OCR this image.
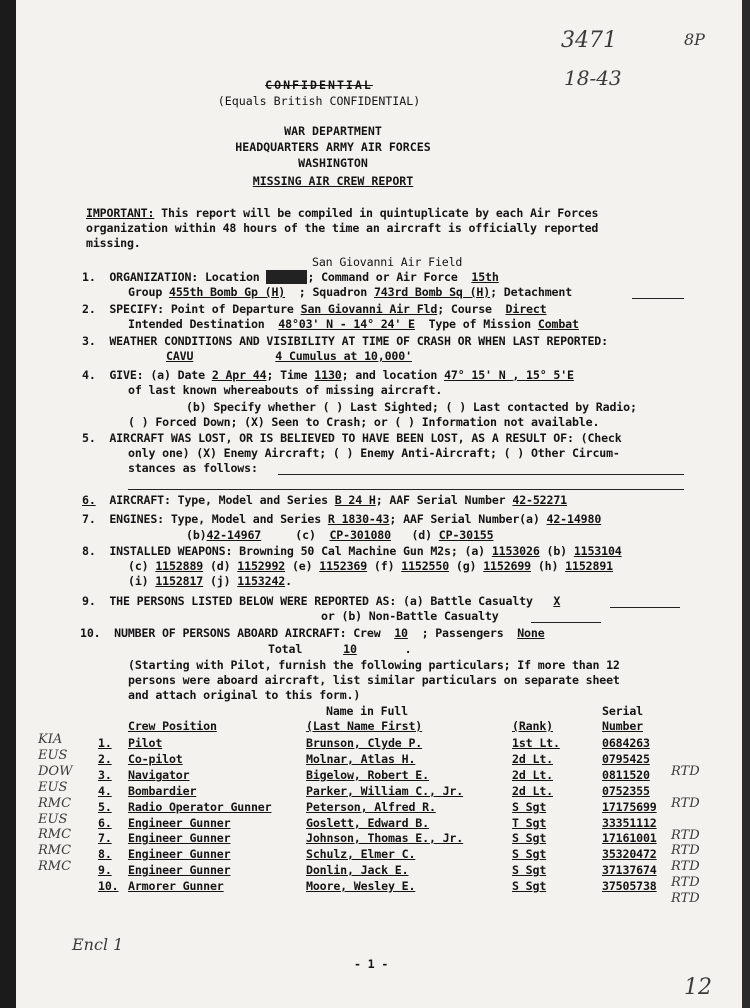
3471	8P
18-43
CONFIDENTIAL
(Equals British CONFIDENTIAL)
WAR DEPARTMENT
HEADQUARTERS ARMY AIR FORCES
WASHINGTON
MISSING AIR CREW REPORT
IMPORTANT: This report will be compiled in quintuplicate by each Air Forces
organization within 48 hours of the time an aircraft is officially reported
missing.
San Giovanni Air Field
1. ORGANIZATION: Location	; Command or Air Force 15th
Group 455th Bomb Gp (H) ; Squadron 743rd Bomb Sq (H); Detachment
2. SPECIFY: Point of Departure San Giovanni Air Fld; Course Direct
Intended Destination 48°03' N - 14° 24' E Type of Mission Combat
3. WEATHER CONDITIONS AND VISIBILITY AT TIME OF CRASH OR WHEN LAST REPORTED:
CAVU	4 Cumulus at 10,000'
4. GIVE: (a) Date 2 Apr 44; Time 1130; and location 47° 15' N , 15° 5'E
of last known whereabouts of missing aircraft.
(b) Specify whether ( ) Last Sighted; ( ) Last contacted by Radio;
( ) Forced Down; (X) Seen to Crash; or ( ) Information not available.
5. AIRCRAFT WAS LOST, OR IS BELIEVED TO HAVE BEEN LOST, AS A RESULT OF: (Check
only one) (X) Enemy Aircraft; ( ) Enemy Anti-Aircraft; ( ) Other Circum-
stances as follows:
6. AIRCRAFT: Type, Model and Series B 24 H; AAF Serial Number 42-52271
7. ENGINES: Type, Model and Series R 1830-43; AAF Serial Number(a) 42-14980
(b)42-14967	(c) CP-301080 (d) CP-30155
8. INSTALLED WEAPONS: Browning 50 Cal Machine Gun M2s; (a) 1153026 (b) 1153104
(c) 1152889 (d) 1152992 (e) 1152369 (f) 1152550 (g) 1152699 (h) 1152891
(i) 1152817 (j) 1153242.
9. THE PERSONS LISTED BELOW WERE REPORTED AS: (a) Battle Casualty X
or (b) Non-Battle Casualty
10. NUMBER OF PERSONS ABOARD AIRCRAFT: Crew 10 ; Passengers None
Total	10       .
(Starting with Pilot, furnish the following particulars; If more than 12
persons were aboard aircraft, list similar particulars on separate sheet
and attach original to this form.)
Name in Full	Serial
Crew Position	(Last Name First)	(Rank)	Number
1. Pilot	Brunson, Clyde P.	1st Lt.	0684263
2. Co-pilot	Molnar, Atlas H.	2d Lt.	0795425
3. Navigator	Bigelow, Robert E.	2d Lt.	0811520
4. Bombardier	Parker, William C., Jr.	2d Lt.	0752355
5. Radio Operator Gunner	Peterson, Alfred R.	S Sgt	17175699
6. Engineer Gunner	Goslett, Edward B.	T Sgt	33351112
7. Engineer Gunner	Johnson, Thomas E., Jr.	S Sgt	17161001
8. Engineer Gunner	Schulz, Elmer C.	S Sgt	35320472
9. Engineer Gunner	Donlin, Jack E.	S Sgt	37137674
10. Armorer Gunner	Moore, Wesley E.	S Sgt	37505738
KIA
EUS
DOW
EUS
RMC
EUS
RMC
RMC
RMC
RTD
RTD
RTD
RTD
RTD
RTD
RTD
Encl 1
- 1 -
12
